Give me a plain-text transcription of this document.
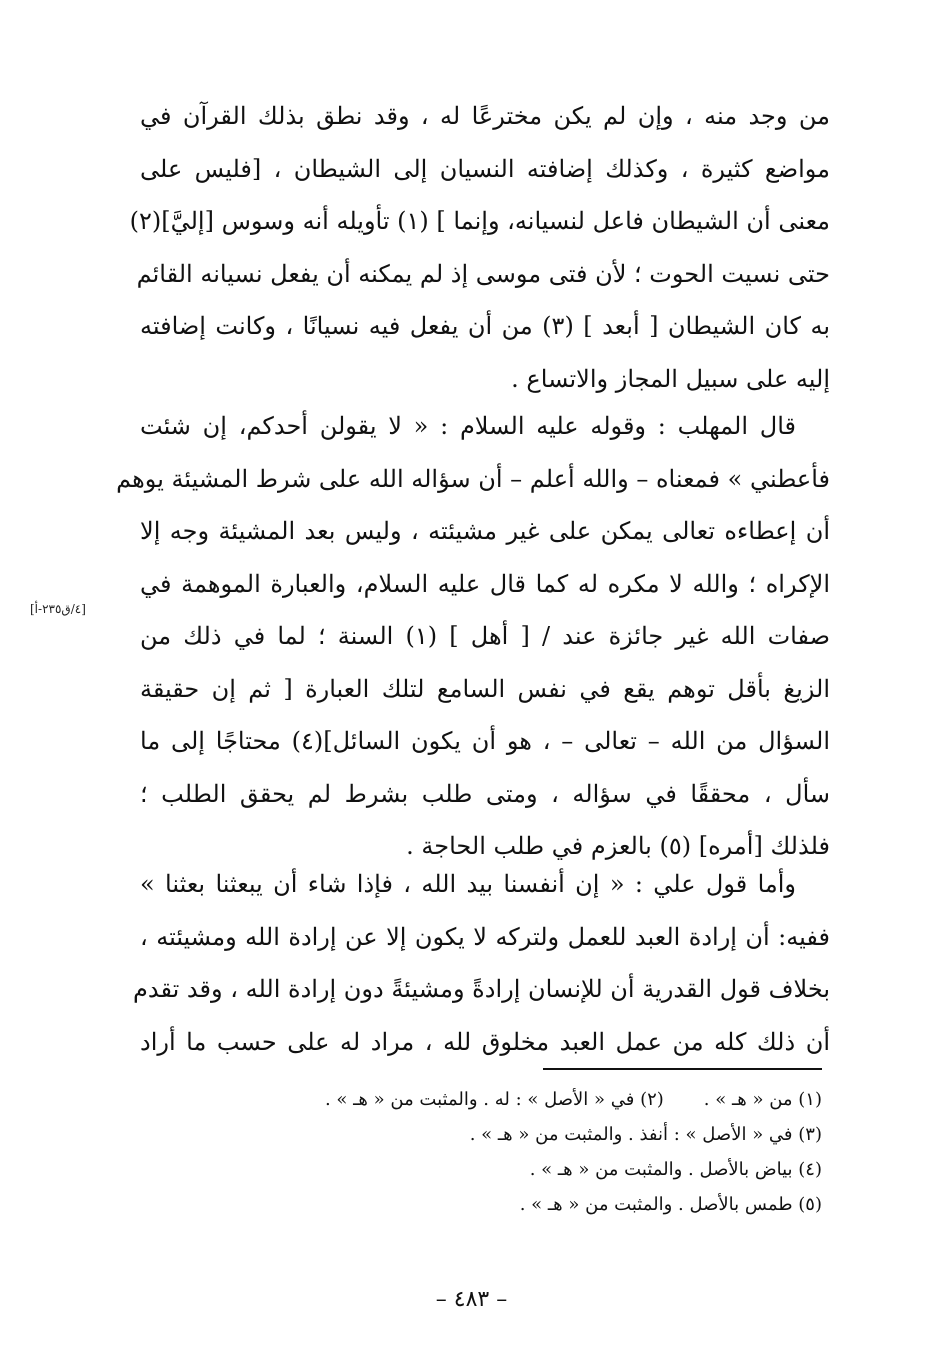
من وجد منه ، وإن لم يكن مخترعًا له ، وقد نطق بذلك القرآن في
مواضع كثيرة ، وكذلك إضافته النسيان إلى الشيطان ، [فليس على
معنى أن الشيطان فاعل لنسيانه، وإنما ] (١) تأويله أنه وسوس [إليَّ](٢)
حتى نسيت الحوت ؛ لأن فتى موسى إذ لم يمكنه أن يفعل نسيانه القائم
به كان الشيطان [ أبعد ] (٣) من أن يفعل فيه نسيانًا ، وكانت إضافته
إليه على سبيل المجاز والاتساع .
قال المهلب : وقوله عليه السلام : « لا يقولن أحدكم، إن شئت
فأعطني » فمعناه – والله أعلم – أن سؤاله الله على شرط المشيئة يوهم
أن إعطاءه تعالى يمكن على غير مشيئته ، وليس بعد المشيئة وجه إلا
الإكراه ؛ والله لا مكره له كما قال عليه السلام، والعبارة الموهمة في
صفات الله غير جائزة عند / [ أهل ] (١) السنة ؛ لما في ذلك من
الزيغ بأقل توهم يقع في نفس السامع لتلك العبارة [ ثم إن حقيقة
السؤال من الله – تعالى – ، هو أن يكون السائل](٤) محتاجًا إلى ما
سأل ، محققًا في سؤاله ، ومتى طلب بشرط لم يحقق الطلب ؛
فلذلك [أمره] (٥) بالعزم في طلب الحاجة .
[٤/ق٢٣٥-أ]
وأما قول علي : « إن أنفسنا بيد الله ، فإذا شاء أن يبعثنا بعثنا »
ففيه: أن إرادة العبد للعمل ولتركه لا يكون إلا عن إرادة الله ومشيئته ،
بخلاف قول القدرية أن للإنسان إرادةً ومشيئةً دون إرادة الله ، وقد تقدم
أن ذلك كله من عمل العبد مخلوق لله ، مراد له على حسب ما أراد
(١) من « هـ » .(٢) في « الأصل » : له . والمثبت من « هـ » .
(٣) في « الأصل » : أنفذ . والمثبت من « هـ » .
(٤) بياض بالأصل . والمثبت من « هـ » .
(٥) طمس بالأصل . والمثبت من « هـ » .
– ٤٨٣ –
